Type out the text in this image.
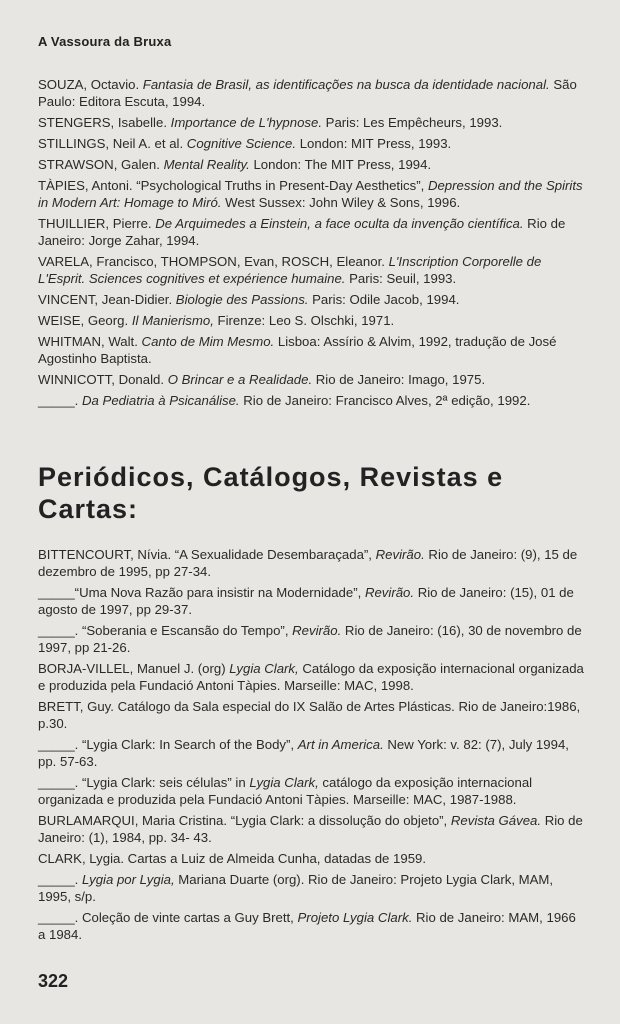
A Vassoura da Bruxa
SOUZA, Octavio. Fantasia de Brasil, as identificações na busca da identidade nacional. São Paulo: Editora Escuta, 1994.
STENGERS, Isabelle. Importance de L'hypnose. Paris: Les Empêcheurs, 1993.
STILLINGS, Neil A. et al. Cognitive Science. London: MIT Press, 1993.
STRAWSON, Galen. Mental Reality. London: The MIT Press, 1994.
TÀPIES, Antoni. “Psychological Truths in Present-Day Aesthetics”, Depression and the Spirits in Modern Art: Homage to Miró. West Sussex: John Wiley & Sons, 1996.
THUILLIER, Pierre. De Arquimedes a Einstein, a face oculta da invenção científica. Rio de Janeiro: Jorge Zahar, 1994.
VARELA, Francisco, THOMPSON, Evan, ROSCH, Eleanor. L'Inscription Corporelle de L'Esprit. Sciences cognitives et expérience humaine. Paris: Seuil, 1993.
VINCENT, Jean-Didier. Biologie des Passions. Paris: Odile Jacob, 1994.
WEISE, Georg. Il Manierismo, Firenze: Leo S. Olschki, 1971.
WHITMAN, Walt. Canto de Mim Mesmo. Lisboa: Assírio & Alvim, 1992, tradução de José Agostinho Baptista.
WINNICOTT, Donald. O Brincar e a Realidade. Rio de Janeiro: Imago, 1975.
_____. Da Pediatria à Psicanálise. Rio de Janeiro: Francisco Alves, 2ª edição, 1992.
Periódicos, Catálogos, Revistas e Cartas:
BITTENCOURT, Nívia. “A Sexualidade Desembaraçada”, Revirão. Rio de Janeiro: (9), 15 de dezembro de 1995, pp 27-34.
_____“Uma Nova Razão para insistir na Modernidade”, Revirão. Rio de Janeiro: (15), 01 de agosto de 1997, pp 29-37.
_____. “Soberania e Escansão do Tempo”, Revirão. Rio de Janeiro: (16), 30 de novembro de 1997, pp 21-26.
BORJA-VILLEL, Manuel J. (org) Lygia Clark, Catálogo da exposição internacional organizada e produzida pela Fundació Antoni Tàpies. Marseille: MAC, 1998.
BRETT, Guy. Catálogo da Sala especial do IX Salão de Artes Plásticas. Rio de Janeiro:1986, p.30.
_____. “Lygia Clark: In Search of the Body”, Art in America. New York: v. 82: (7), July 1994, pp. 57-63.
_____. “Lygia Clark: seis células” in Lygia Clark, catálogo da exposição internacional organizada e produzida pela Fundació Antoni Tàpies. Marseille: MAC, 1987-1988.
BURLAMARQUI, Maria Cristina. “Lygia Clark: a dissolução do objeto”, Revista Gávea. Rio de Janeiro: (1), 1984, pp. 34- 43.
CLARK, Lygia. Cartas a Luiz de Almeida Cunha, datadas de 1959.
_____. Lygia por Lygia, Mariana Duarte (org). Rio de Janeiro: Projeto Lygia Clark, MAM, 1995, s/p.
_____. Coleção de vinte cartas a Guy Brett, Projeto Lygia Clark. Rio de Janeiro: MAM, 1966 a 1984.
322
